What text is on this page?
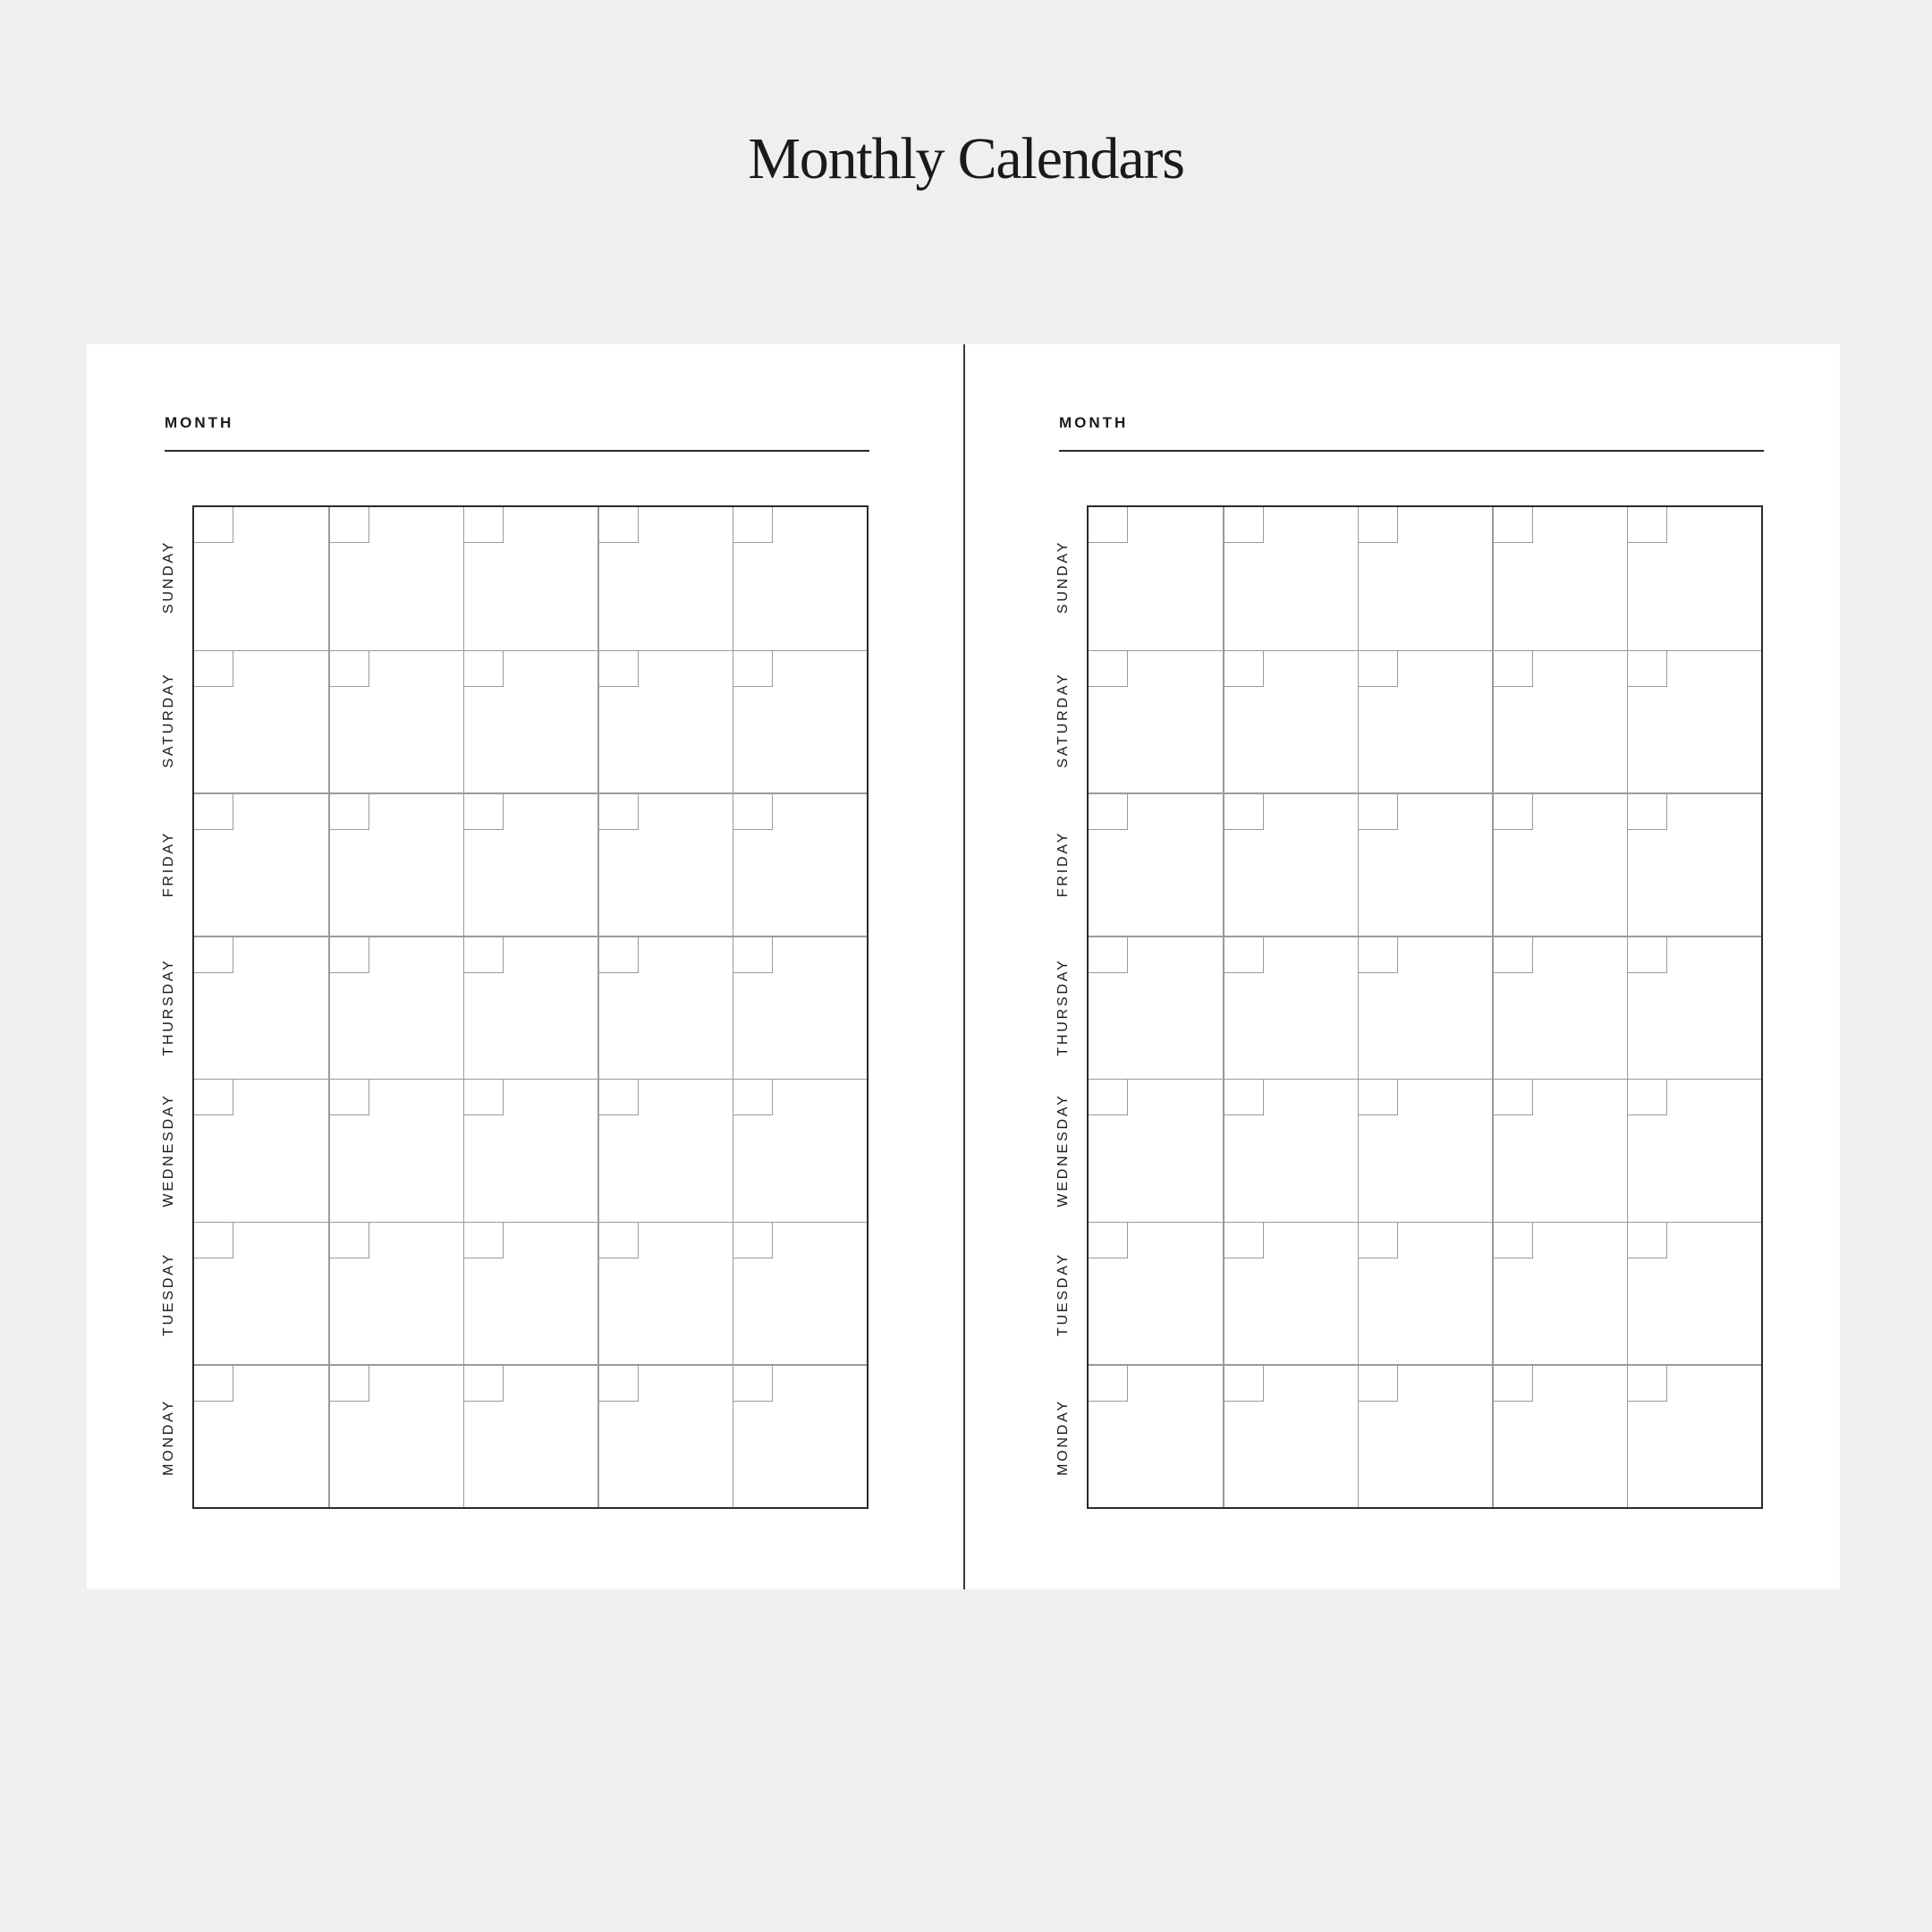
Monthly Calendars
MONTH
SUNDAY
SATURDAY
FRIDAY
THURSDAY
WEDNESDAY
TUESDAY
MONDAY
MONTH
SUNDAY
SATURDAY
FRIDAY
THURSDAY
WEDNESDAY
TUESDAY
MONDAY
